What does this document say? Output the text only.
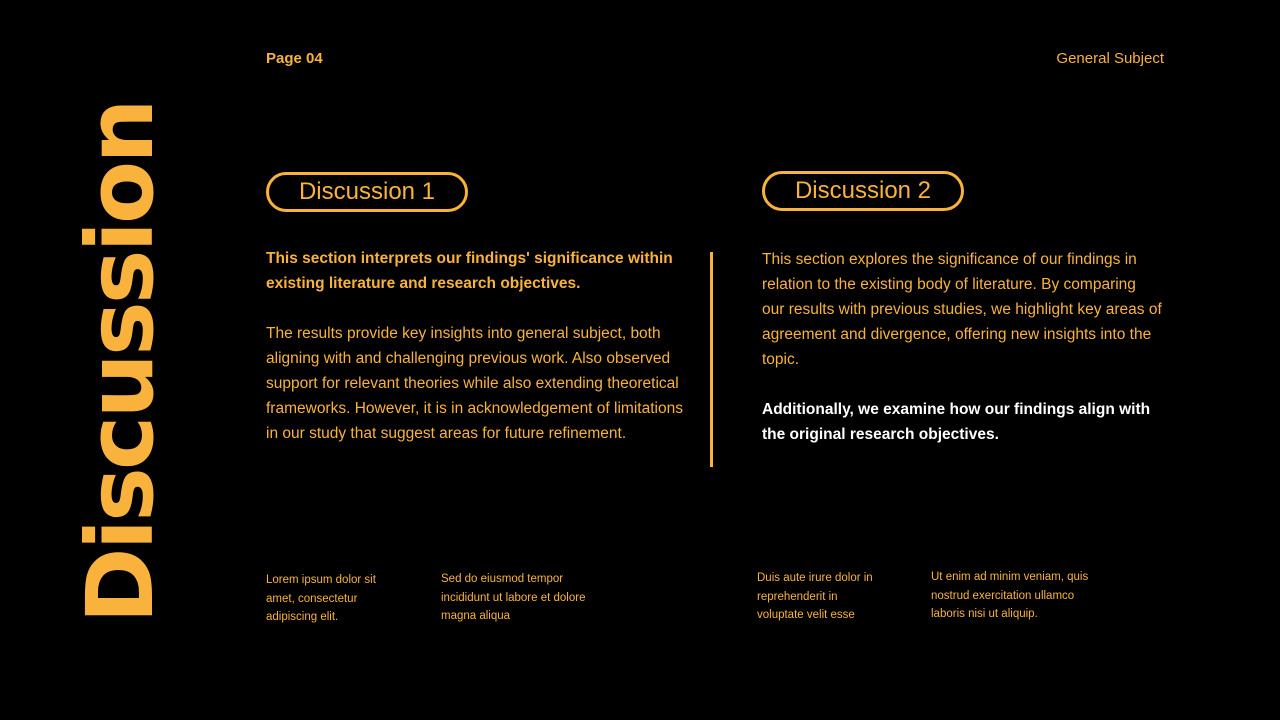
Discussion
Page 04	General Subject
Discussion 1	Discussion 2

This section interprets our findings' significance within existing literature and research objectives.

The results provide key insights into general subject, both aligning with and challenging previous work. Also observed support for relevant theories while also extending theoretical frameworks. However, it is in acknowledgement of limitations in our study that suggest areas for future refinement.

This section explores the significance of our findings in relation to the existing body of literature. By comparing our results with previous studies, we highlight key areas of agreement and divergence, offering new insights into the topic.

Additionally, we examine how our findings align with the original research objectives.

Lorem ipsum dolor sit amet, consectetur adipiscing elit.
Sed do eiusmod tempor incididunt ut labore et dolore magna aliqua
Duis aute irure dolor in reprehenderit in voluptate velit esse
Ut enim ad minim veniam, quis nostrud exercitation ullamco laboris nisi ut aliquip.
